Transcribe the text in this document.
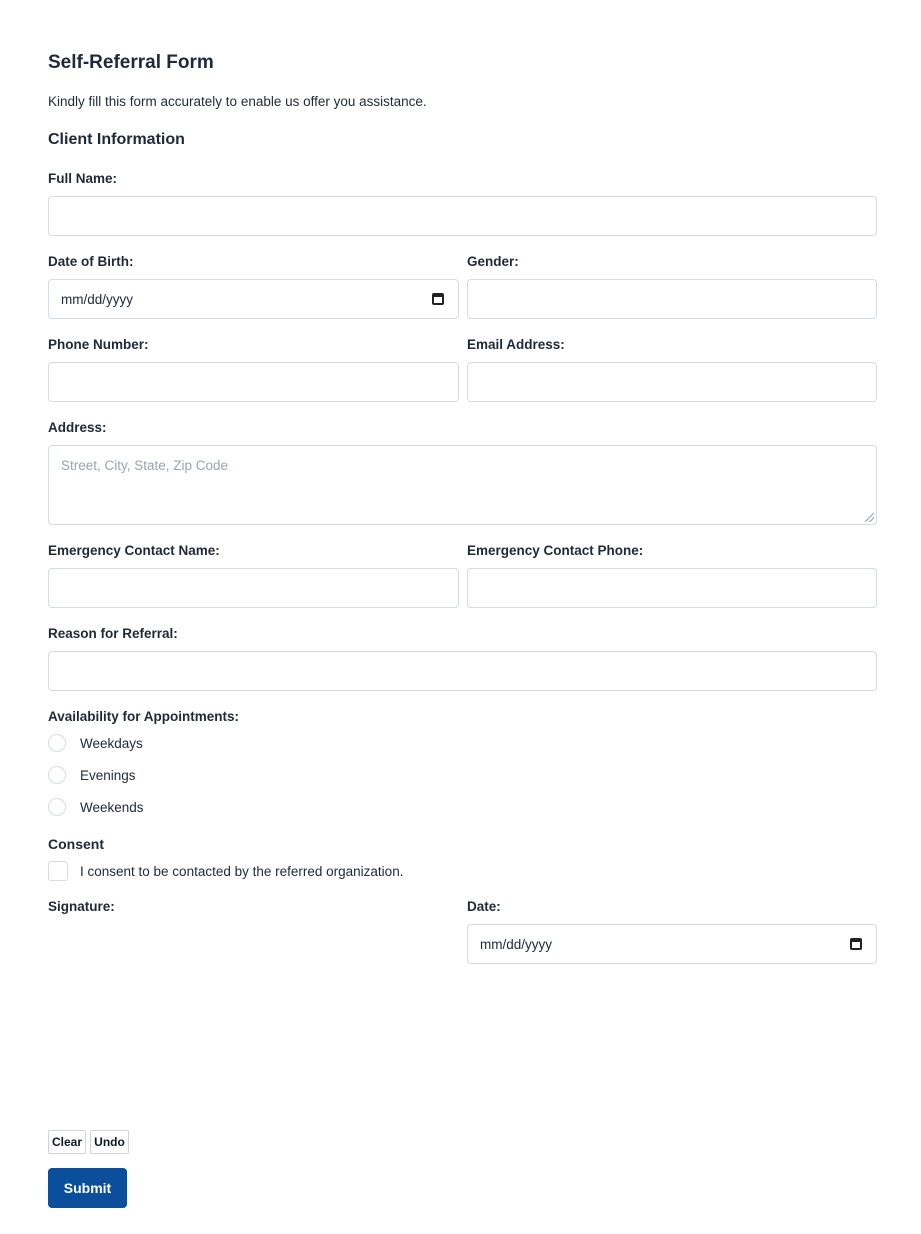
Self-Referral Form
Kindly fill this form accurately to enable us offer you assistance.
Client Information
Full Name:
Date of Birth:
mm/dd/yyyy
Gender:
Phone Number:	Email Address:
Address:
Street, City, State, Zip Code
Emergency Contact Name:	Emergency Contact Phone:
Reason for Referral:
Availability for Appointments:
Weekdays
Evenings
Weekends
Consent
I consent to be contacted by the referred organization.
Signature:	Date:
mm/dd/yyyy
Clear	Undo
Submit
